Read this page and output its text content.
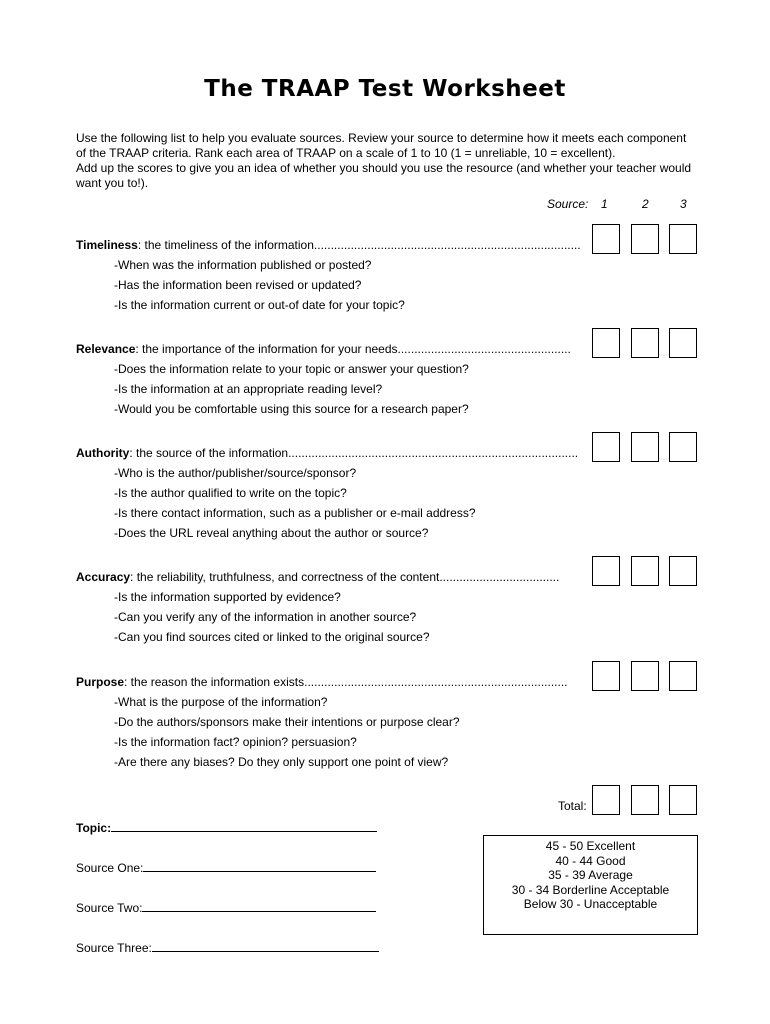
The TRAAP Test Worksheet
Use the following list to help you evaluate sources. Review your source to determine how it meets each component
of the TRAAP criteria. Rank each area of TRAAP on a scale of 1 to 10 (1 = unreliable, 10 = excellent).
Add up the scores to give you an idea of whether you should you use the resource (and whether your teacher would
want you to!).
Source: 1	2	3
Timeliness: the timeliness of the information................................................................................
-When was the information published or posted?
-Has the information been revised or updated?
-Is the information current or out-of date for your topic?
Relevance: the importance of the information for your needs....................................................
-Does the information relate to your topic or answer your question?
-Is the information at an appropriate reading level?
-Would you be comfortable using this source for a research paper?
Authority: the source of the information.......................................................................................
-Who is the author/publisher/source/sponsor?
-Is the author qualified to write on the topic?
-Is there contact information, such as a publisher or e-mail address?
-Does the URL reveal anything about the author or source?
Accuracy: the reliability, truthfulness, and correctness of the content....................................
-Is the information supported by evidence?
-Can you verify any of the information in another source?
-Can you find sources cited or linked to the original source?
Purpose: the reason the information exists...............................................................................
-What is the purpose of the information?
-Do the authors/sponsors make their intentions or purpose clear?
-Is the information fact? opinion? persuasion?
-Are there any biases? Do they only support one point of view?
Total:
Topic:
Source One:
Source Two:
Source Three:
45 - 50 Excellent
40 - 44 Good
35 - 39 Average
30 - 34 Borderline Acceptable
Below 30 - Unacceptable
